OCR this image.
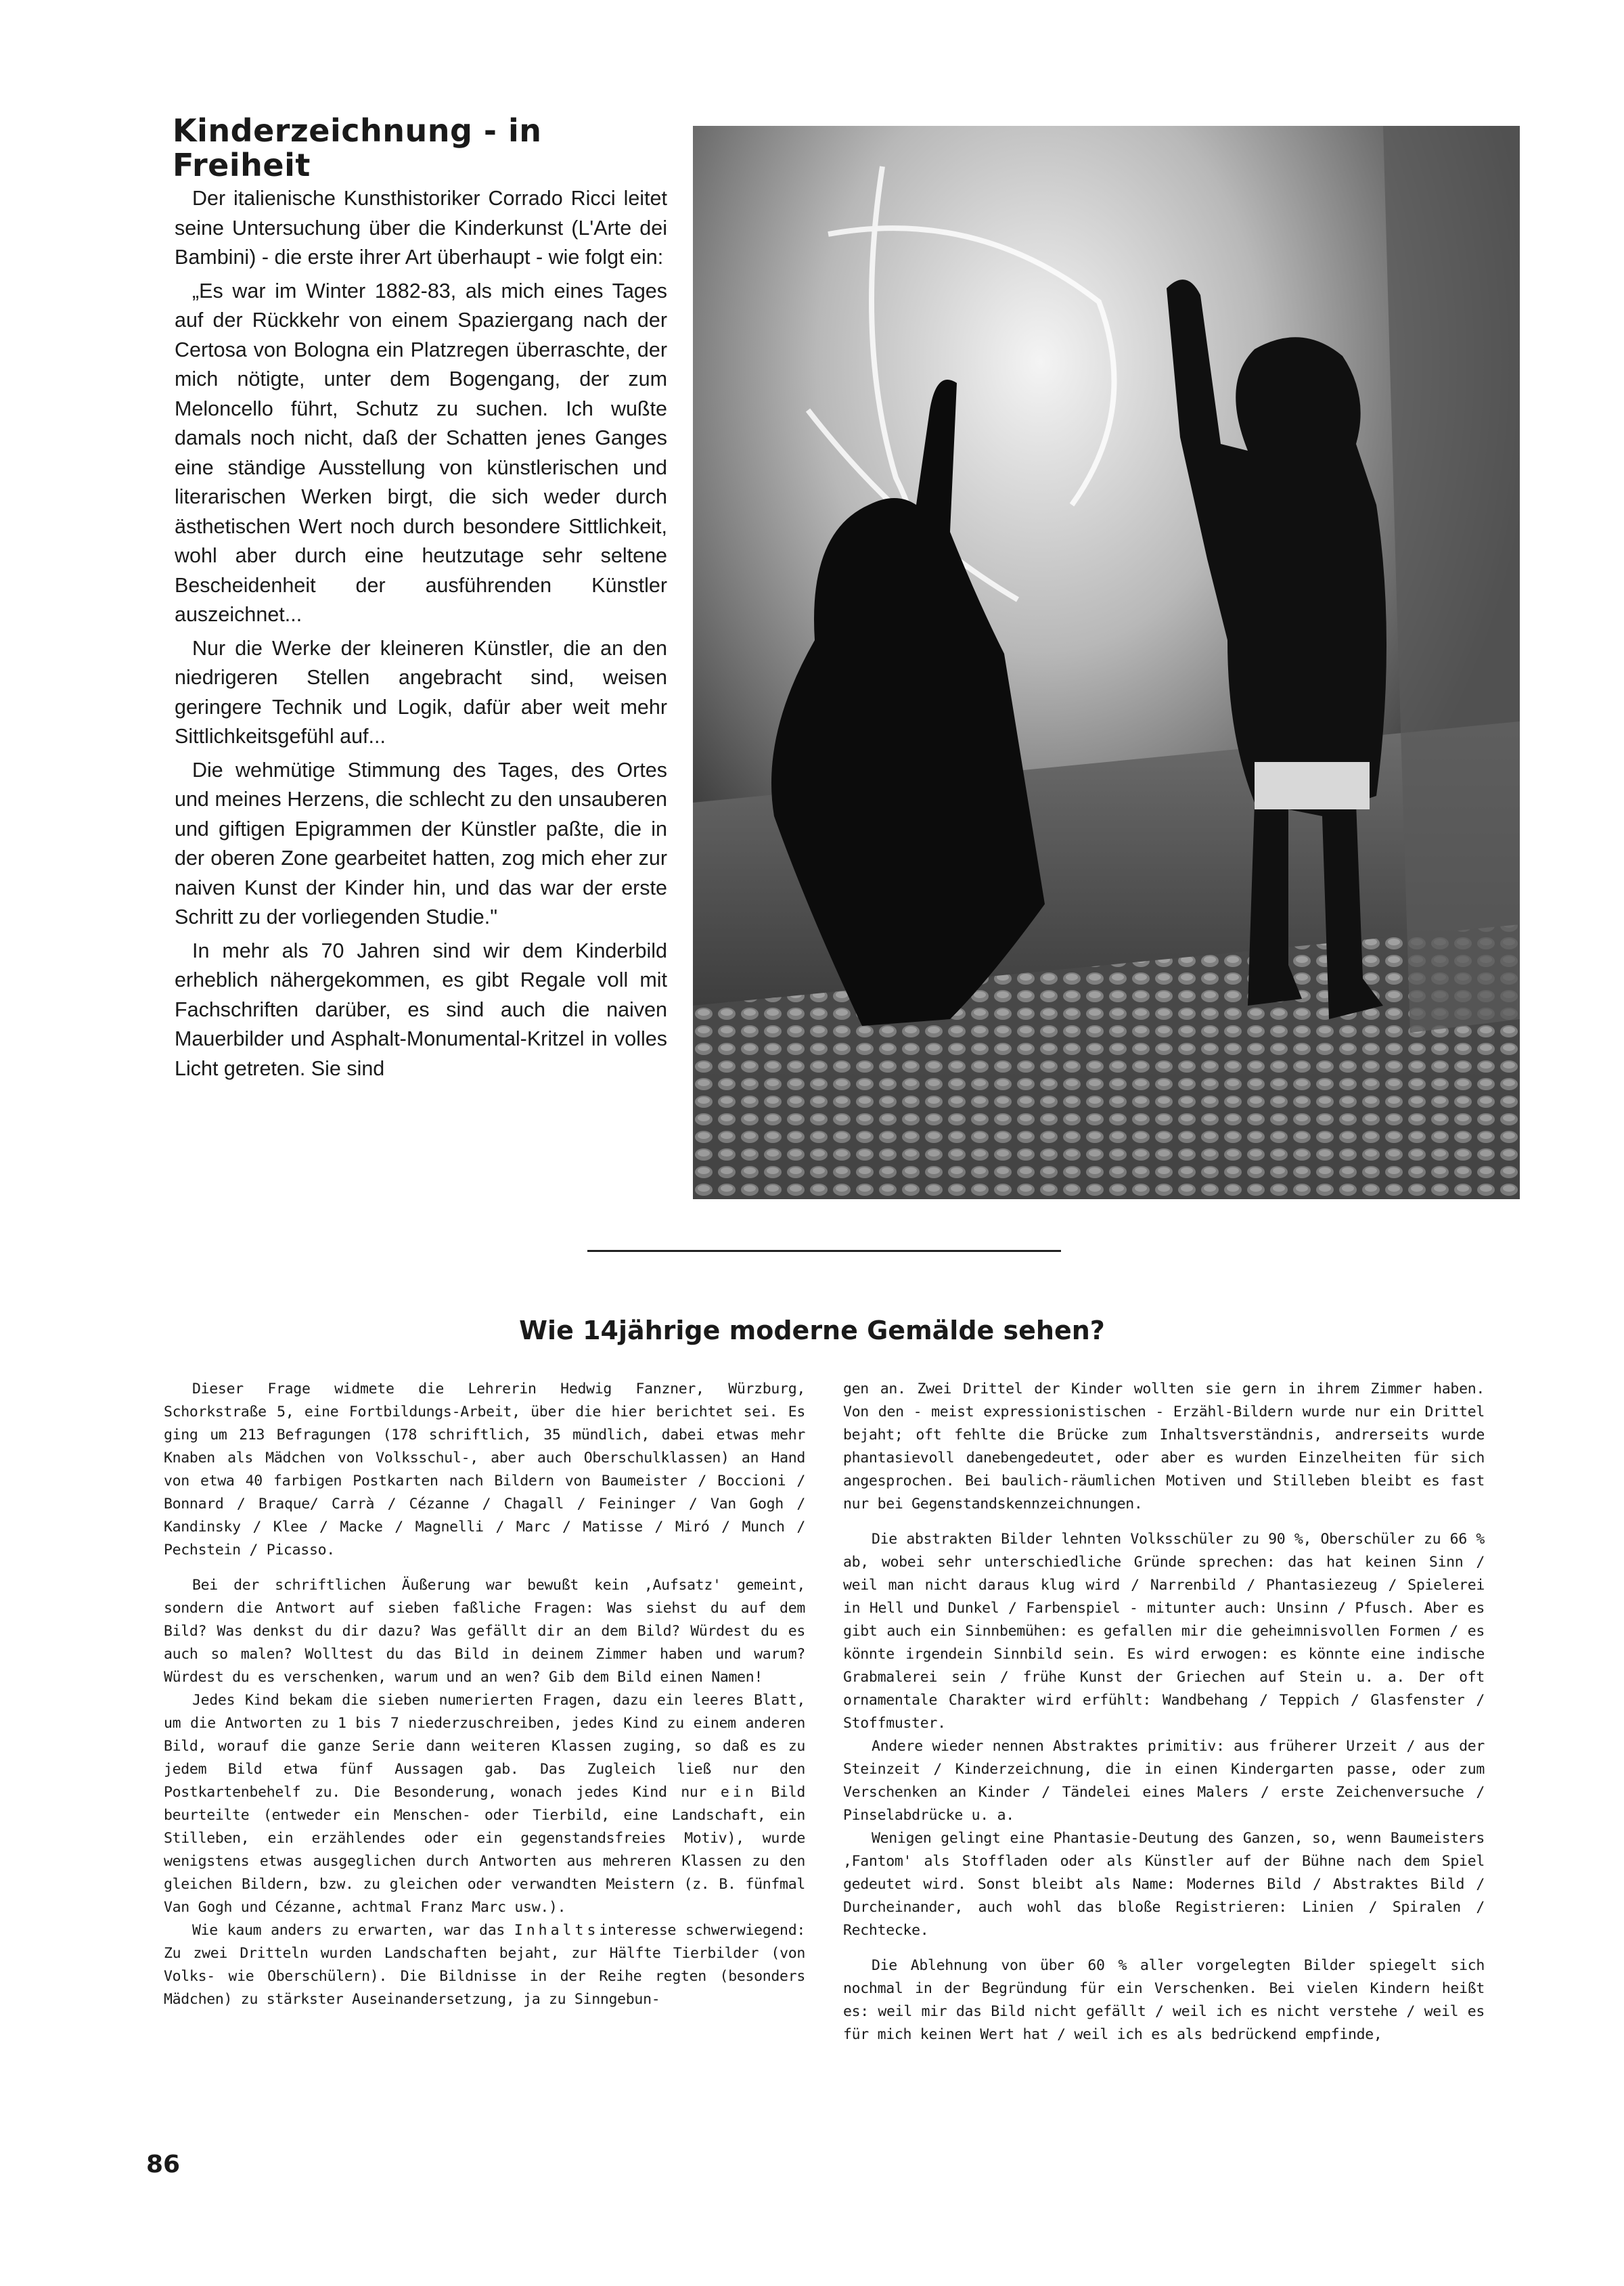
Kinderzeichnung - in Freiheit

Der italienische Kunsthistoriker Corrado Ricci leitet seine Untersuchung über die Kinderkunst (L'Arte dei Bambini) - die erste ihrer Art überhaupt - wie folgt ein:

„Es war im Winter 1882-83, als mich eines Tages auf der Rückkehr von einem Spaziergang nach der Certosa von Bologna ein Platzregen überraschte, der mich nötigte, unter dem Bogengang, der zum Meloncello führt, Schutz zu suchen. Ich wußte damals noch nicht, daß der Schatten jenes Ganges eine ständige Ausstellung von künstlerischen und literarischen Werken birgt, die sich weder durch ästhetischen Wert noch durch besondere Sittlichkeit, wohl aber durch eine heutzutage sehr seltene Bescheidenheit der ausführenden Künstler auszeichnet...

Nur die Werke der kleineren Künstler, die an den niedrigeren Stellen angebracht sind, weisen geringere Technik und Logik, dafür aber weit mehr Sittlichkeitsgefühl auf...

Die wehmütige Stimmung des Tages, des Ortes und meines Herzens, die schlecht zu den unsauberen und giftigen Epigrammen der Künstler paßte, die in der oberen Zone gearbeitet hatten, zog mich eher zur naiven Kunst der Kinder hin, und das war der erste Schritt zu der vorliegenden Studie."

In mehr als 70 Jahren sind wir dem Kinderbild erheblich nähergekommen, es gibt Regale voll mit Fachschriften darüber, es sind auch die naiven Mauerbilder und Asphalt-Monumental-Kritzel in volles Licht getreten. Sie sind

Wie 14jährige moderne Gemälde sehen?

Dieser Frage widmete die Lehrerin Hedwig Fanzner, Würzburg, Schorkstraße 5, eine Fortbildungs-Arbeit, über die hier berichtet sei. Es ging um 213 Befragungen (178 schriftlich, 35 mündlich, dabei etwas mehr Knaben als Mädchen von Volksschul-, aber auch Oberschulklassen) an Hand von etwa 40 farbigen Postkarten nach Bildern von Baumeister / Boccioni / Bonnard / Braque/ Carrà / Cézanne / Chagall / Feininger / Van Gogh / Kandinsky / Klee / Macke / Magnelli / Marc / Matisse / Miró / Munch / Pechstein / Picasso.

Bei der schriftlichen Äußerung war bewußt kein ‚Aufsatz' gemeint, sondern die Antwort auf sieben faßliche Fragen: Was siehst du auf dem Bild? Was denkst du dir dazu? Was gefällt dir an dem Bild? Würdest du es auch so malen? Wolltest du das Bild in deinem Zimmer haben und warum? Würdest du es verschenken, warum und an wen? Gib dem Bild einen Namen!

Jedes Kind bekam die sieben numerierten Fragen, dazu ein leeres Blatt, um die Antworten zu 1 bis 7 niederzuschreiben, jedes Kind zu einem anderen Bild, worauf die ganze Serie dann weiteren Klassen zuging, so daß es zu jedem Bild etwa fünf Aussagen gab. Das Zugleich ließ nur den Postkartenbehelf zu. Die Besonderung, wonach jedes Kind nur ein Bild beurteilte (entweder ein Menschen- oder Tierbild, eine Landschaft, ein Stilleben, ein erzählendes oder ein gegenstandsfreies Motiv), wurde wenigstens etwas ausgeglichen durch Antworten aus mehreren Klassen zu den gleichen Bildern, bzw. zu gleichen oder verwandten Meistern (z. B. fünfmal Van Gogh und Cézanne, achtmal Franz Marc usw.).

Wie kaum anders zu erwarten, war das Inhaltsinteresse schwerwiegend: Zu zwei Dritteln wurden Landschaften bejaht, zur Hälfte Tierbilder (von Volks- wie Oberschülern). Die Bildnisse in der Reihe regten (besonders Mädchen) zu stärkster Auseinandersetzung, ja zu Sinngebun-

gen an. Zwei Drittel der Kinder wollten sie gern in ihrem Zimmer haben. Von den - meist expressionistischen - Erzähl-Bildern wurde nur ein Drittel bejaht; oft fehlte die Brücke zum Inhaltsverständnis, andrerseits wurde phantasievoll danebengedeutet, oder aber es wurden Einzelheiten für sich angesprochen. Bei baulich-räumlichen Motiven und Stilleben bleibt es fast nur bei Gegenstandskennzeichnungen.

Die abstrakten Bilder lehnten Volksschüler zu 90 %, Oberschüler zu 66 % ab, wobei sehr unterschiedliche Gründe sprechen: das hat keinen Sinn / weil man nicht daraus klug wird / Narrenbild / Phantasiezeug / Spielerei in Hell und Dunkel / Farbenspiel - mitunter auch: Unsinn / Pfusch. Aber es gibt auch ein Sinnbemühen: es gefallen mir die geheimnisvollen Formen / es könnte irgendein Sinnbild sein. Es wird erwogen: es könnte eine indische Grabmalerei sein / frühe Kunst der Griechen auf Stein u. a. Der oft ornamentale Charakter wird erfühlt: Wandbehang / Teppich / Glasfenster / Stoffmuster.

Andere wieder nennen Abstraktes primitiv: aus früherer Urzeit / aus der Steinzeit / Kinderzeichnung, die in einen Kindergarten passe, oder zum Verschenken an Kinder / Tändelei eines Malers / erste Zeichenversuche / Pinselabdrücke u. a.

Wenigen gelingt eine Phantasie-Deutung des Ganzen, so, wenn Baumeisters ‚Fantom' als Stoffladen oder als Künstler auf der Bühne nach dem Spiel gedeutet wird. Sonst bleibt als Name: Modernes Bild / Abstraktes Bild / Durcheinander, auch wohl das bloße Registrieren: Linien / Spiralen / Rechtecke.

Die Ablehnung von über 60 % aller vorgelegten Bilder spiegelt sich nochmal in der Begründung für ein Verschenken. Bei vielen Kindern heißt es: weil mir das Bild nicht gefällt / weil ich es nicht verstehe / weil es für mich keinen Wert hat / weil ich es als bedrückend empfinde,

86
